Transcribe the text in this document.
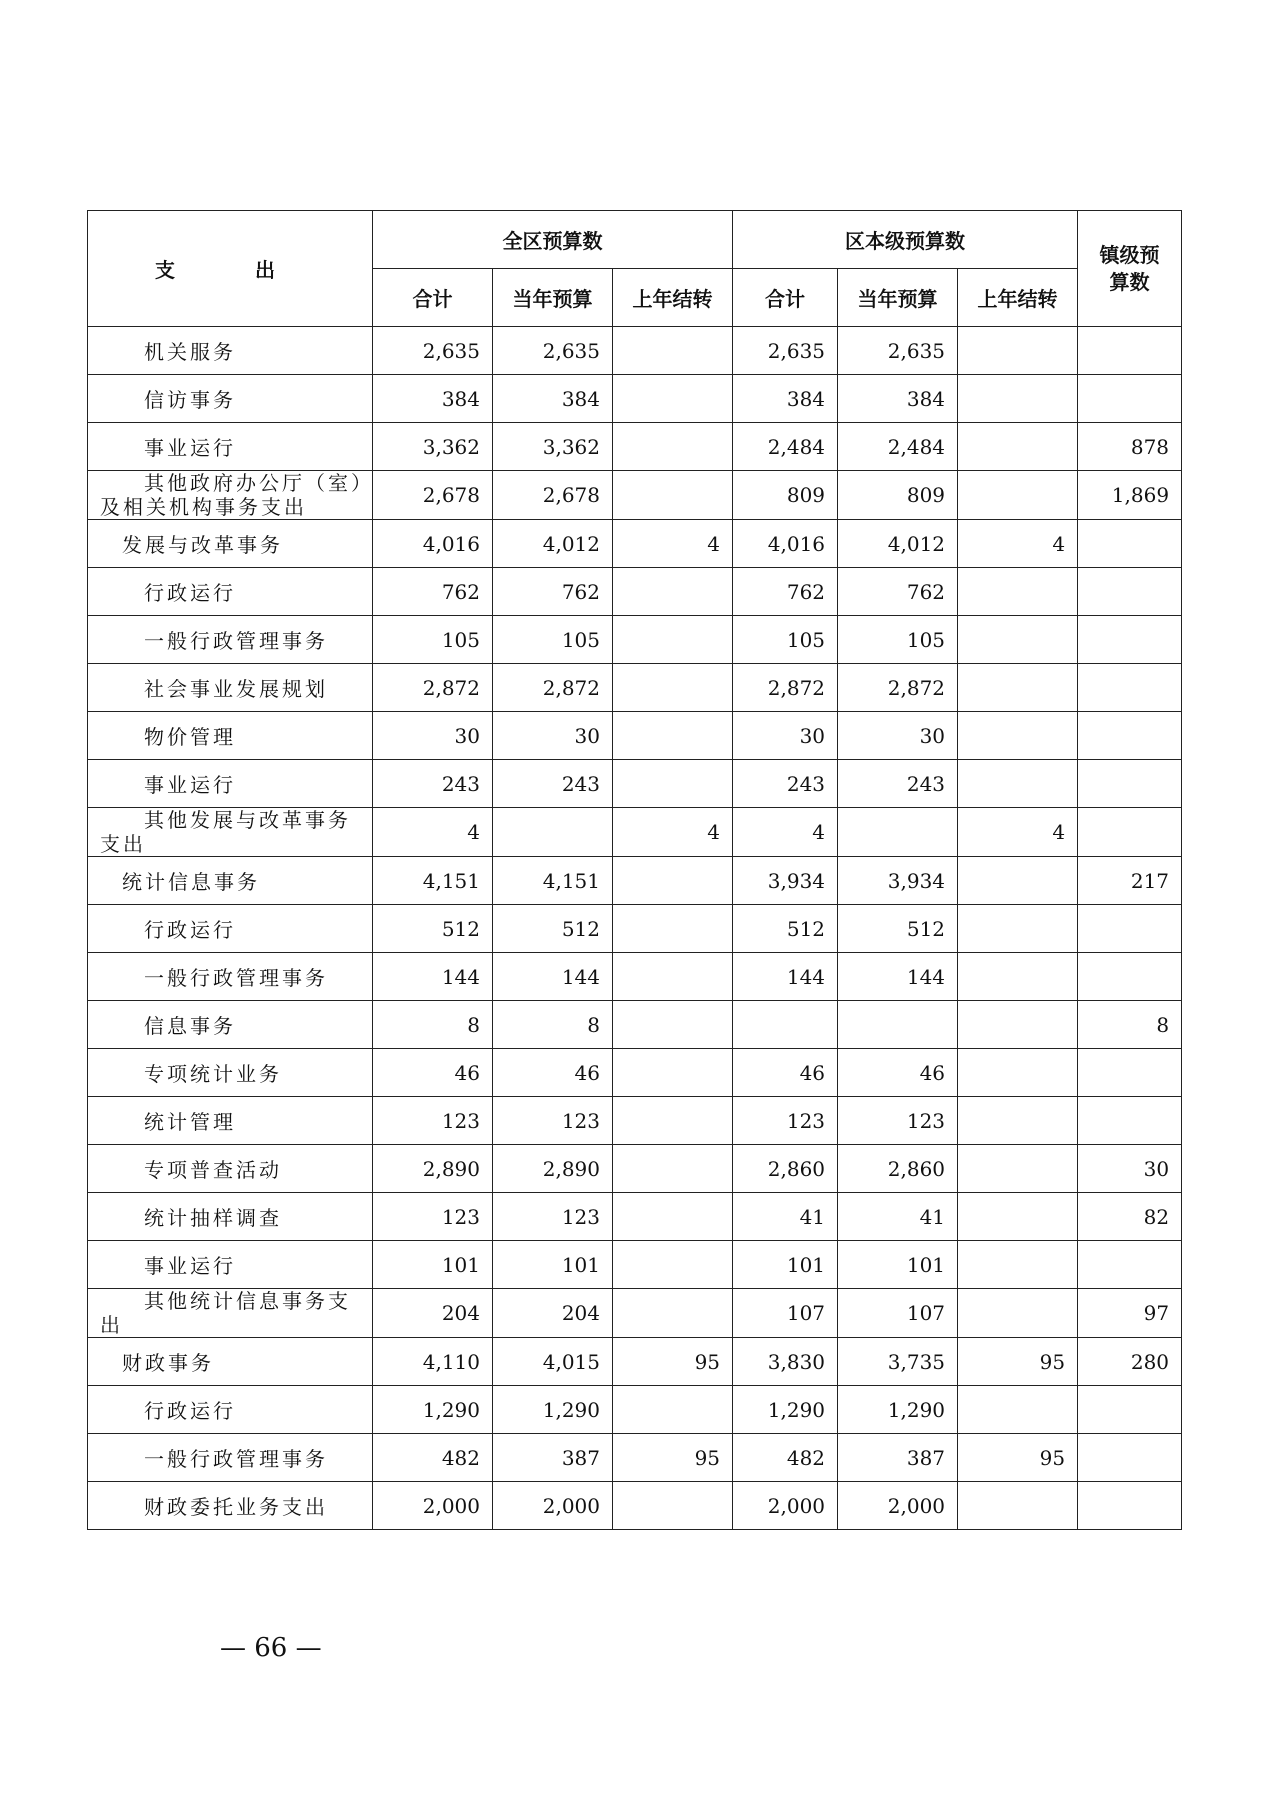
支　出	全区预算数			区本级预算数			镇级预
算数

	合计	当年预算	上年结转	合计	当年预算	上年结转	
机关服务	2,635	2,635		2,635	2,635		
信访事务	384	384		384	384		
事业运行	3,362	3,362		2,484	2,484		878

其他政府办公厅（室）
及相关机构事务支出	2,678	2,678		809	809		1,869
发展与改革事务	4,016	4,012	4	4,016	4,012	4	
行政运行	762	762		762	762		
一般行政管理事务	105	105		105	105		
社会事业发展规划	2,872	2,872		2,872	2,872		
物价管理	30	30		30	30		
事业运行	243	243		243	243		

其他发展与改革事务
支出	4		4	4		4	
统计信息事务	4,151	4,151		3,934	3,934		217
行政运行	512	512		512	512		
一般行政管理事务	144	144		144	144		
信息事务	8	8					8
专项统计业务	46	46		46	46		
统计管理	123	123		123	123		
专项普查活动	2,890	2,890		2,860	2,860		30
统计抽样调查	123	123		41	41		82
事业运行	101	101		101	101		

其他统计信息事务支
出	204	204		107	107		97
财政事务	4,110	4,015	95	3,830	3,735	95	280
行政运行	1,290	1,290		1,290	1,290		
一般行政管理事务	482	387	95	482	387	95	
财政委托业务支出	2,000	2,000		2,000	2,000		
— 66 —
